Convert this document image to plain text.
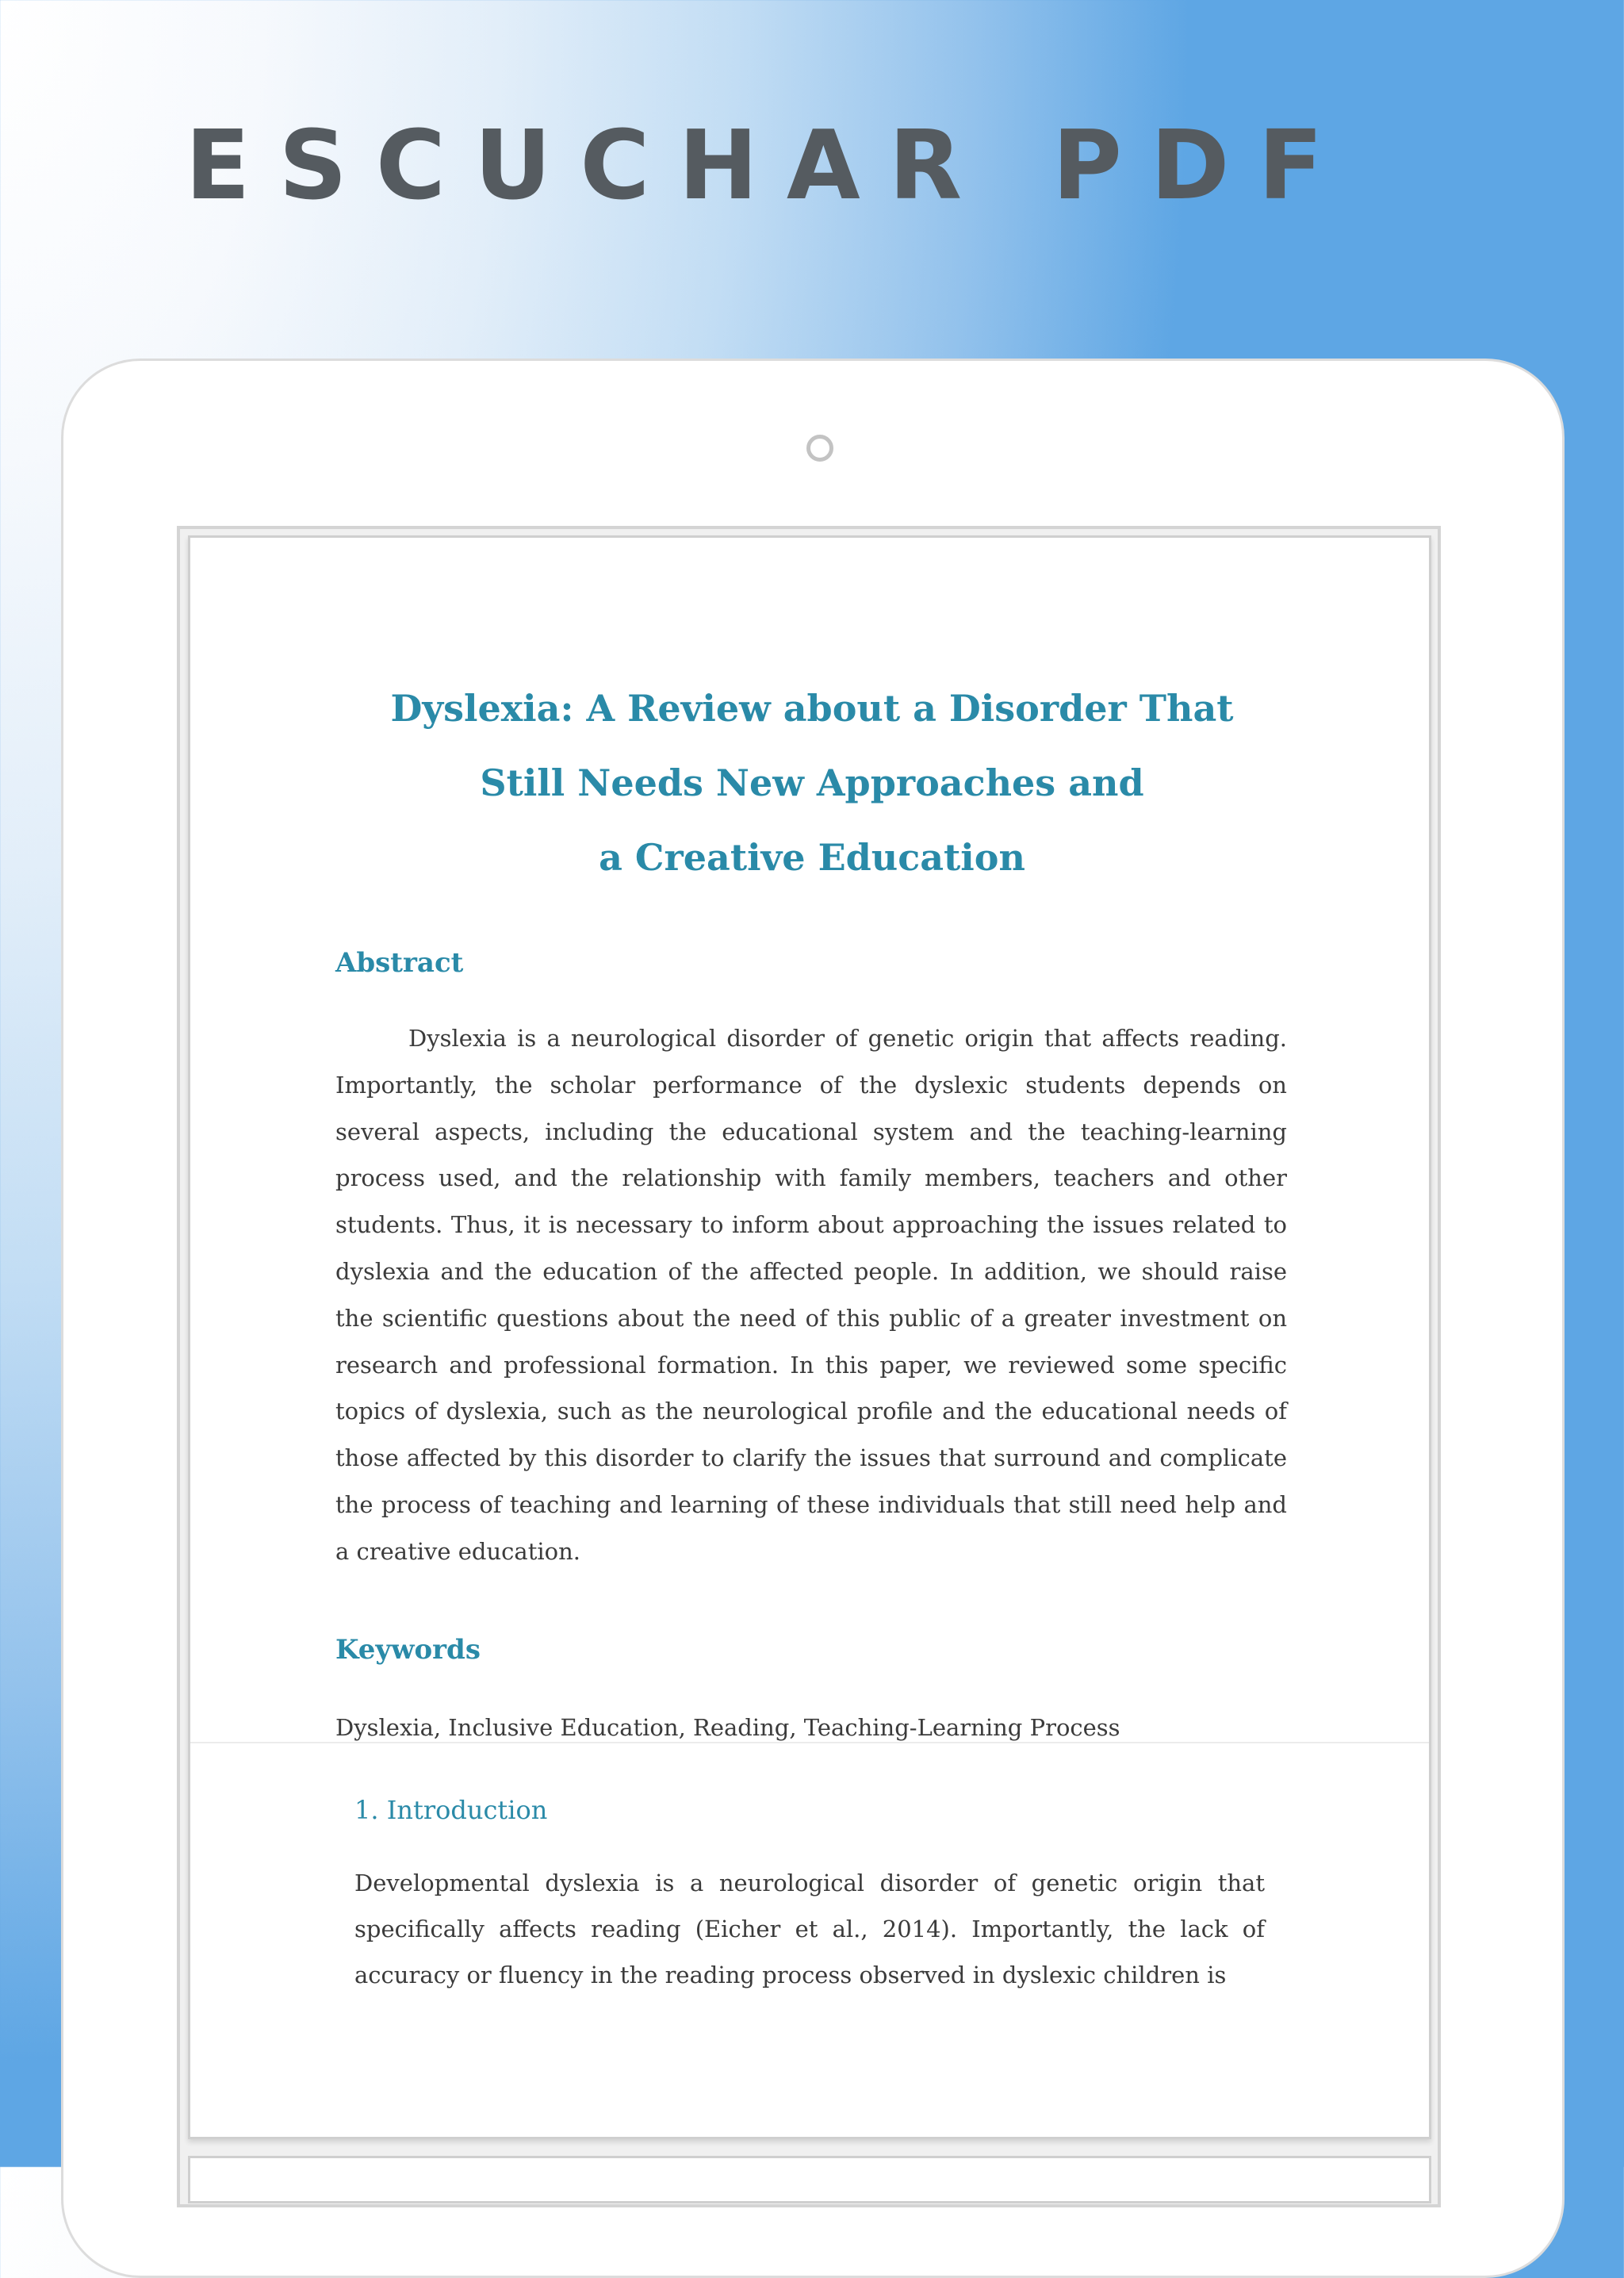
ESCUCHAR PDF
Dyslexia: A Review about a Disorder That
Still Needs New Approaches and
a Creative Education
Abstract

Dyslexia is a neurological disorder of genetic origin that affects reading. Importantly, the scholar performance of the dyslexic students depends on several aspects, including the educational system and the teaching-learning process used, and the relationship with family members, teachers and other students. Thus, it is necessary to inform about approaching the issues related to dyslexia and the education of the affected people. In addition, we should raise the scientific questions about the need of this public of a greater investment on research and professional formation. In this paper, we reviewed some specific topics of dyslexia, such as the neurological profile and the educational needs of those affected by this disorder to clarify the issues that surround and complicate the process of teaching and learning of these individuals that still need help and a creative education.

Keywords
Dyslexia, Inclusive Education, Reading, Teaching-Learning Process
1. Introduction

Developmental dyslexia is a neurological disorder of genetic origin that specifically affects reading (Eicher et al., 2014). Importantly, the lack of accuracy or fluency in the reading process observed in dyslexic children is
